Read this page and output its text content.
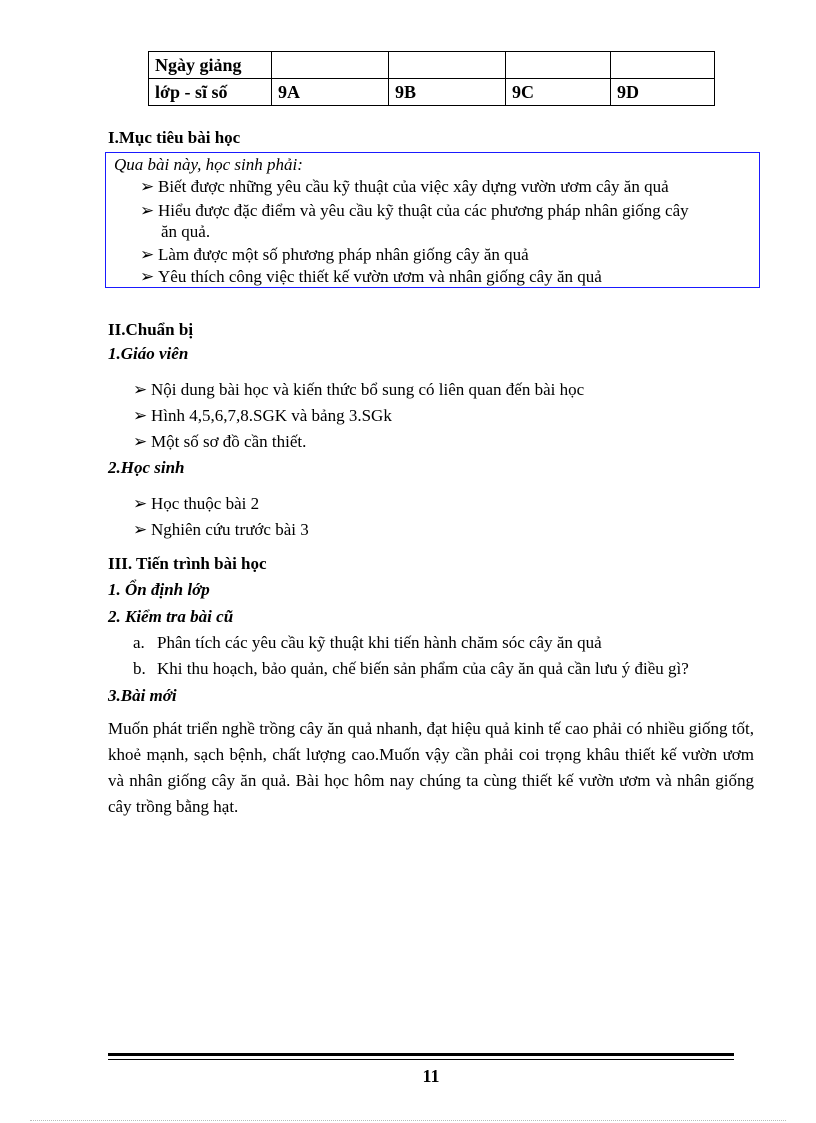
Ngày giảng				
lớp - sĩ số	9A	9B	9C	9D
I.Mục tiêu bài học
Qua bài này, học sinh phải:
➢ Biết được những yêu cầu kỹ thuật của việc xây dựng vườn ươm cây ăn quả
➢ Hiểu được đặc điểm và yêu cầu kỹ thuật của các phương pháp nhân giống cây
ăn quả.
➢ Làm được một số phương pháp nhân giống cây ăn quả
➢ Yêu thích công việc thiết kế vườn ươm và nhân giống cây ăn quả
II.Chuẩn bị
1.Giáo viên
➢ Nội dung bài học và kiến thức bổ sung có liên quan đến bài học
➢ Hình 4,5,6,7,8.SGK và bảng 3.SGk
➢ Một số sơ đồ cần thiết.
2.Học sinh
➢ Học thuộc bài 2
➢ Nghiên cứu trước bài 3
III. Tiến trình bài học
1. Ổn định lớp
2. Kiểm tra bài cũ
a. Phân tích các yêu cầu kỹ thuật khi tiến hành chăm sóc cây ăn quả
b. Khi thu hoạch, bảo quản, chế biến sản phẩm của cây ăn quả cần lưu ý điều gì?
3.Bài mới
Muốn phát triển nghề trồng cây ăn quả nhanh, đạt hiệu quả kinh tế cao phải có nhiều giống tốt, khoẻ mạnh, sạch bệnh, chất lượng cao.Muốn vậy cần phải coi trọng khâu thiết kế vườn ươm và nhân giống cây ăn quả. Bài học hôm nay chúng ta cùng thiết kế vườn ươm và nhân giống cây trồng bằng hạt.
11
